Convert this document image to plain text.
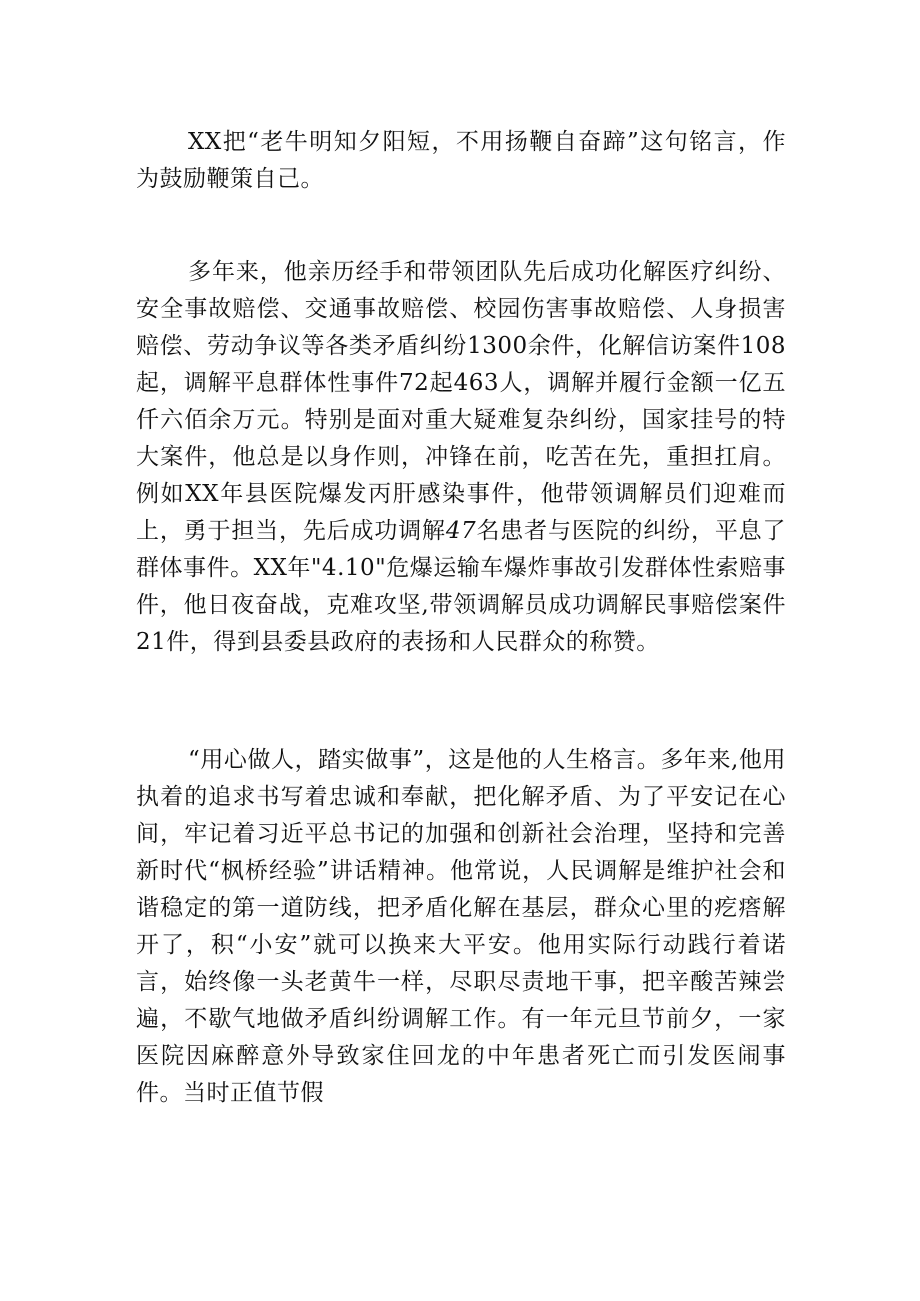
XX把“老牛明知夕阳短，不用扬鞭自奋蹄”这句铭言，作为鼓励鞭策自己。

多年来，他亲历经手和带领团队先后成功化解医疗纠纷、安全事故赔偿、交通事故赔偿、校园伤害事故赔偿、人身损害赔偿、劳动争议等各类矛盾纠纷1300余件，化解信访案件108起，调解平息群体性事件72起463人，调解并履行金额一亿五仟六佰余万元。特别是面对重大疑难复杂纠纷，国家挂号的特大案件，他总是以身作则，冲锋在前，吃苦在先，重担扛肩。例如XX年县医院爆发丙肝感染事件，他带领调解员们迎难而上，勇于担当，先后成功调解47名患者与医院的纠纷，平息了群体事件。XX年"4.10"危爆运输车爆炸事故引发群体性索赔事件，他日夜奋战，克难攻坚,带领调解员成功调解民事赔偿案件21件，得到县委县政府的表扬和人民群众的称赞。

“用心做人，踏实做事”，这是他的人生格言。多年来,他用执着的追求书写着忠诚和奉献，把化解矛盾、为了平安记在心间，牢记着习近平总书记的加强和创新社会治理，坚持和完善新时代“枫桥经验”讲话精神。他常说，人民调解是维护社会和谐稳定的第一道防线，把矛盾化解在基层，群众心里的疙瘩解开了，积“小安”就可以换来大平安。他用实际行动践行着诺言，始终像一头老黄牛一样，尽职尽责地干事，把辛酸苦辣尝遍，不歇气地做矛盾纠纷调解工作。有一年元旦节前夕，一家医院因麻醉意外导致家住回龙的中年患者死亡而引发医闹事件。当时正值节假
